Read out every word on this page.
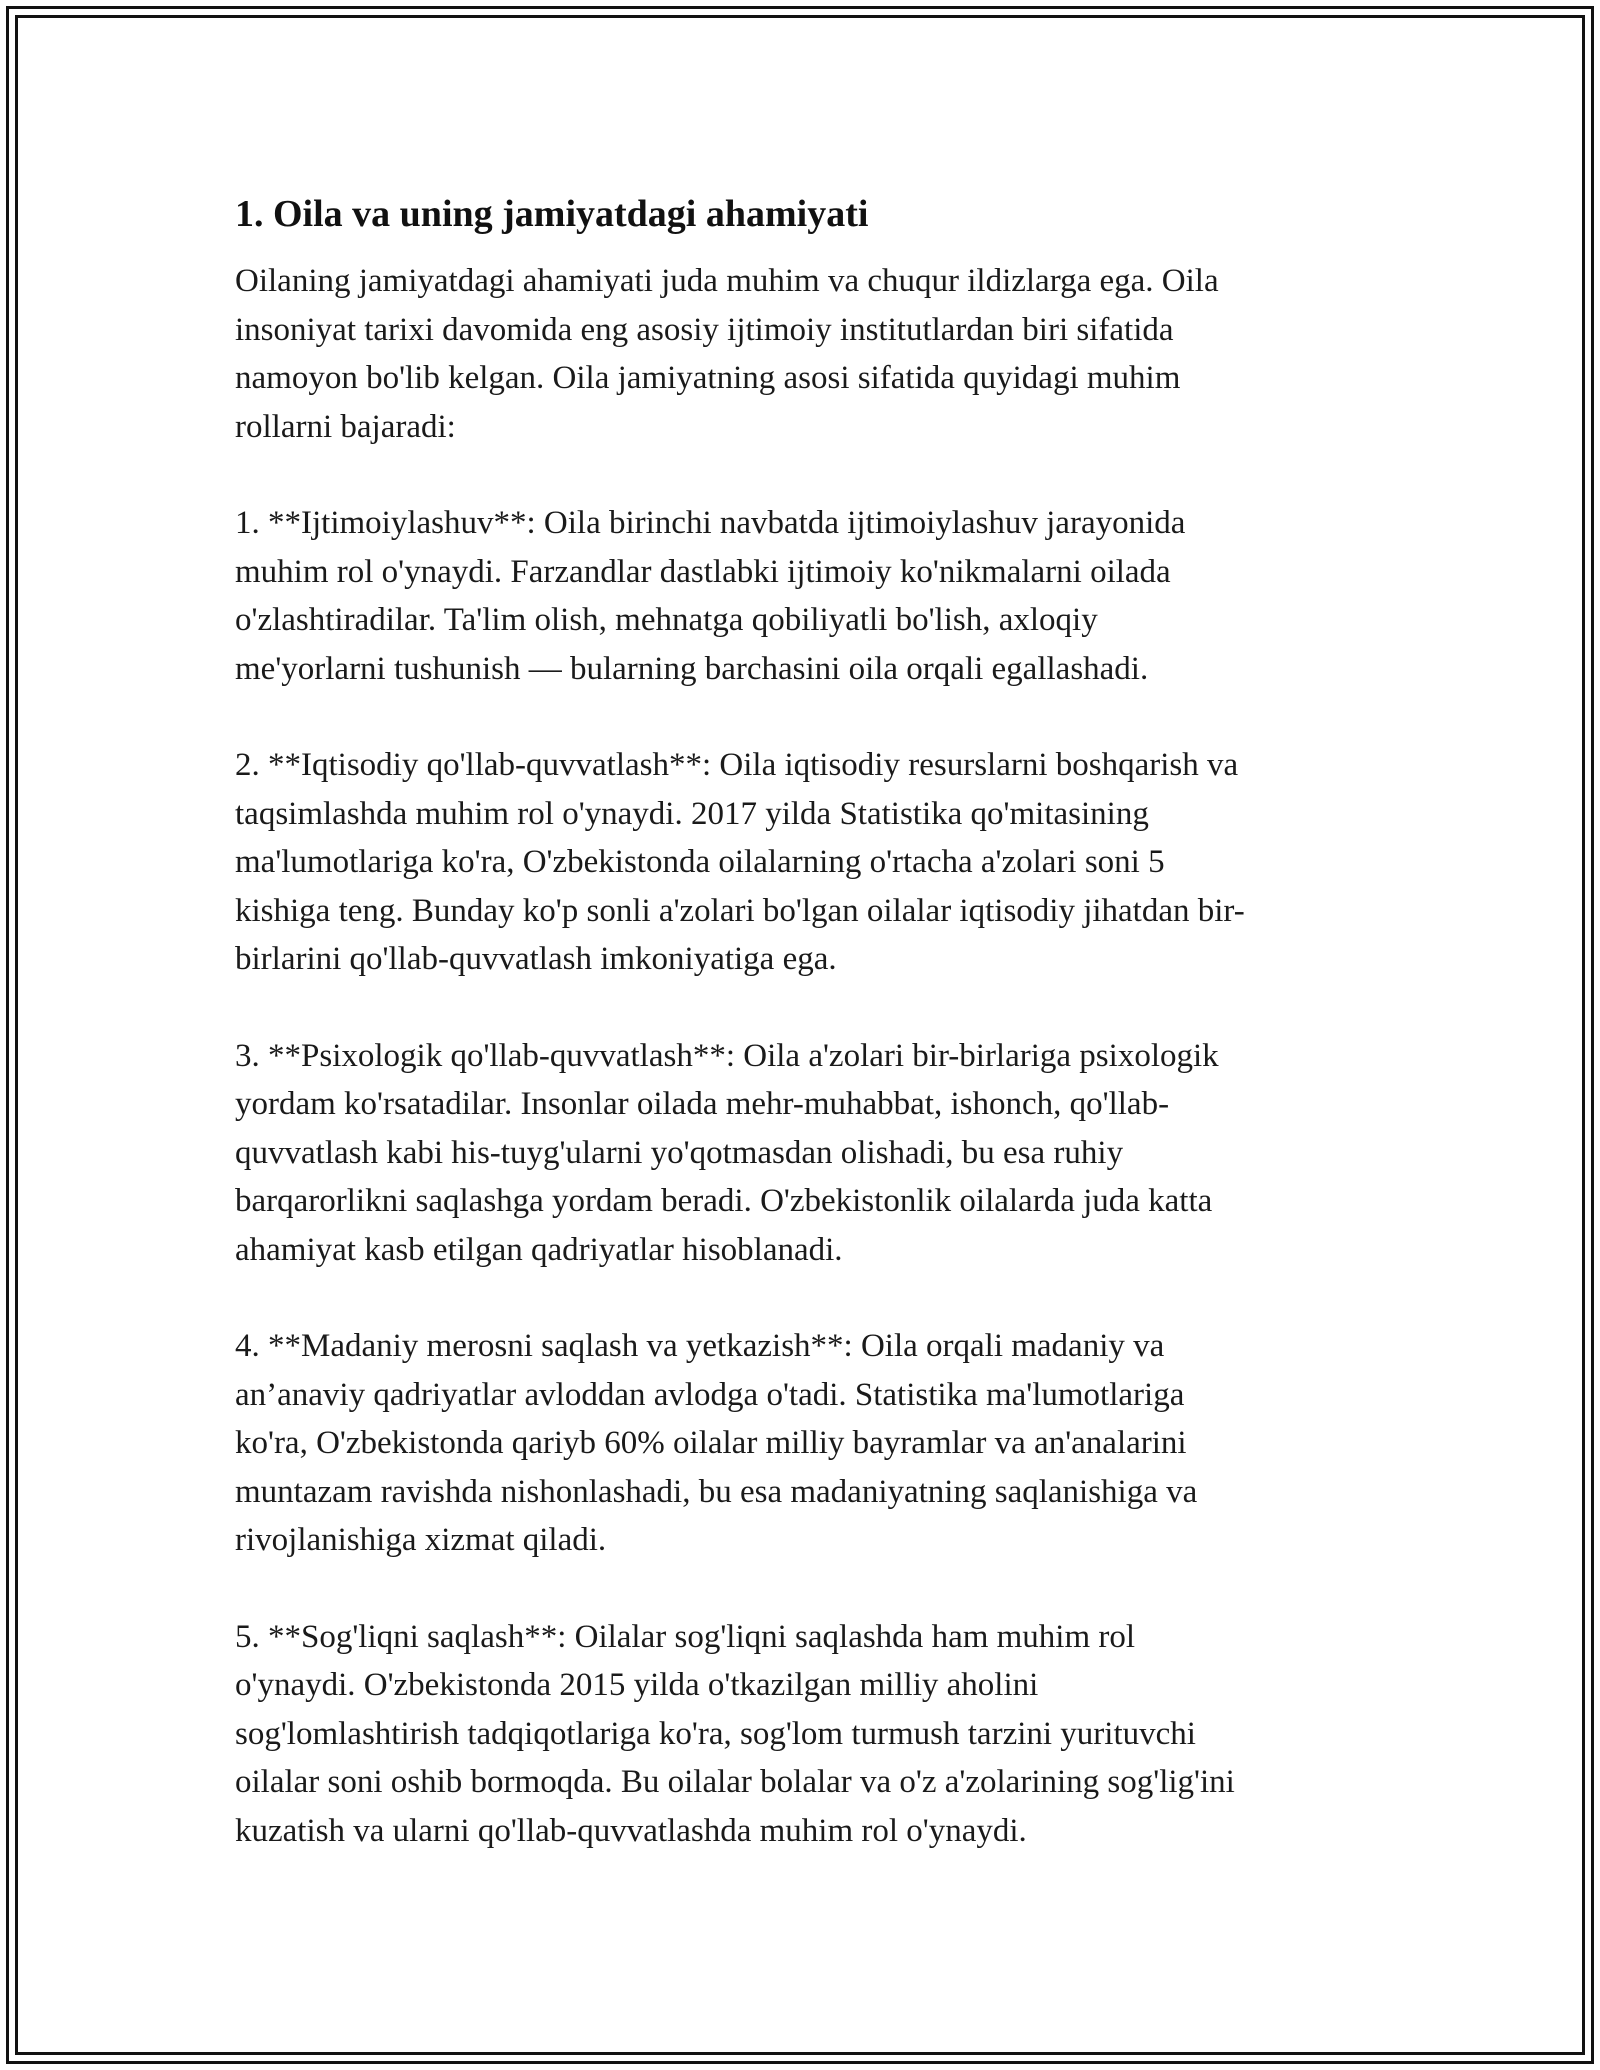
1. Oila va uning jamiyatdagi ahamiyati

Oilaning jamiyatdagi ahamiyati juda muhim va chuqur ildizlarga ega. Oila
insoniyat tarixi davomida eng asosiy ijtimoiy institutlardan biri sifatida
namoyon bo'lib kelgan. Oila jamiyatning asosi sifatida quyidagi muhim
rollarni bajaradi:

1. **Ijtimoiylashuv**: Oila birinchi navbatda ijtimoiylashuv jarayonida
muhim rol o'ynaydi. Farzandlar dastlabki ijtimoiy ko'nikmalarni oilada
o'zlashtiradilar. Ta'lim olish, mehnatga qobiliyatli bo'lish, axloqiy
me'yorlarni tushunish — bularning barchasini oila orqali egallashadi.

2. **Iqtisodiy qo'llab-quvvatlash**: Oila iqtisodiy resurslarni boshqarish va
taqsimlashda muhim rol o'ynaydi. 2017 yilda Statistika qo'mitasining
ma'lumotlariga ko'ra, O'zbekistonda oilalarning o'rtacha a'zolari soni 5
kishiga teng. Bunday ko'p sonli a'zolari bo'lgan oilalar iqtisodiy jihatdan bir-
birlarini qo'llab-quvvatlash imkoniyatiga ega.

3. **Psixologik qo'llab-quvvatlash**: Oila a'zolari bir-birlariga psixologik
yordam ko'rsatadilar. Insonlar oilada mehr-muhabbat, ishonch, qo'llab-
quvvatlash kabi his-tuyg'ularni yo'qotmasdan olishadi, bu esa ruhiy
barqarorlikni saqlashga yordam beradi. O'zbekistonlik oilalarda juda katta
ahamiyat kasb etilgan qadriyatlar hisoblanadi.

4. **Madaniy merosni saqlash va yetkazish**: Oila orqali madaniy va
an’anaviy qadriyatlar avloddan avlodga o'tadi. Statistika ma'lumotlariga
ko'ra, O'zbekistonda qariyb 60% oilalar milliy bayramlar va an'analarini
muntazam ravishda nishonlashadi, bu esa madaniyatning saqlanishiga va
rivojlanishiga xizmat qiladi.

5. **Sog'liqni saqlash**: Oilalar sog'liqni saqlashda ham muhim rol
o'ynaydi. O'zbekistonda 2015 yilda o'tkazilgan milliy aholini
sog'lomlashtirish tadqiqotlariga ko'ra, sog'lom turmush tarzini yurituvchi
oilalar soni oshib bormoqda. Bu oilalar bolalar va o'z a'zolarining sog'lig'ini
kuzatish va ularni qo'llab-quvvatlashda muhim rol o'ynaydi.
